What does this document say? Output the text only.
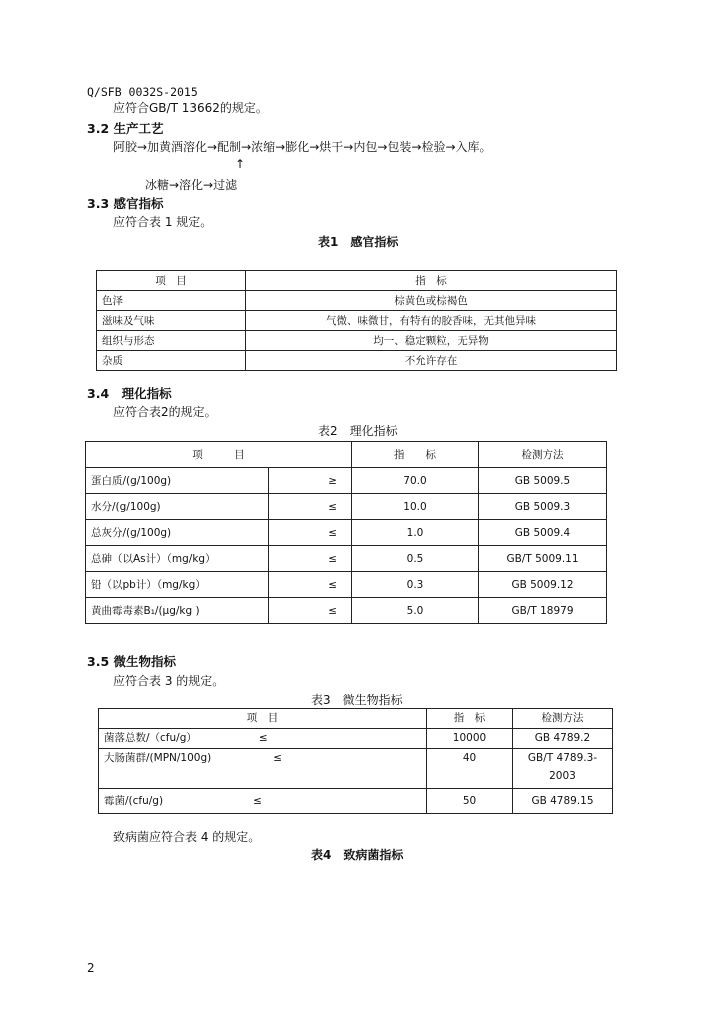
Q/SFB 0032S-2015
应符合GB/T 13662的规定。
3.2 生产工艺
阿胶→加黄酒溶化→配制→浓缩→膨化→烘干→内包→包装→检验→入库。
↑
冰糖→溶化→过滤
3.3 感官指标
应符合表 1 规定。
表1　感官指标
项　目	指　标
色泽	棕黄色或棕褐色
滋味及气味	气微、味微甘，有特有的胶香味，无其他异味
组织与形态	均一、稳定颗粒，无异物
杂质	不允许存在
3.4　理化指标
应符合表2的规定。
表2　理化指标
项　　　目		指　　标	检测方法
蛋白质/(g/100g)	≥	70.0	GB 5009.5
水分/(g/100g)	≤	10.0	GB 5009.3
总灰分/(g/100g)	≤	1.0	GB 5009.4
总砷（以As计）（mg/kg）	≤	0.5	GB/T 5009.11
铅（以pb计）（mg/kg）	≤	0.3	GB 5009.12
黄曲霉毒素B₁/(μg/kg )	≤	5.0	GB/T 18979
3.5 微生物指标
应符合表 3 的规定。
表3　微生物指标
项　目	指　标	检测方法
菌落总数/（cfu/g） ≤	10000	GB 4789.2
大肠菌群/(MPN/100g) ≤	40	GB/T 4789.3-
2003
霉菌/(cfu/g) ≤	50	GB 4789.15
致病菌应符合表 4 的规定。
表4　致病菌指标
2
